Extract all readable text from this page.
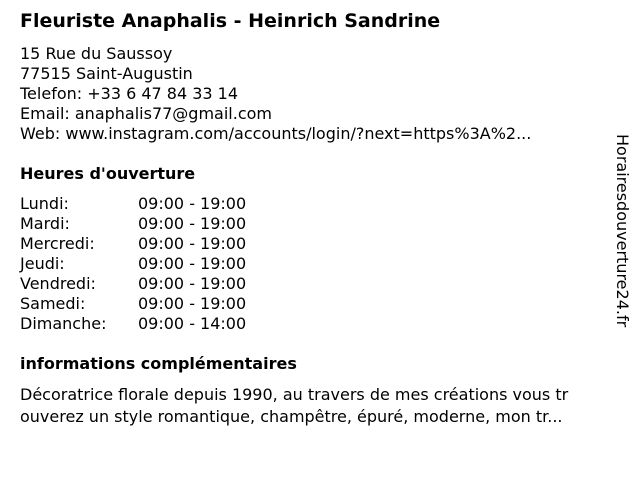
Fleuriste Anaphalis - Heinrich Sandrine
15 Rue du Saussoy
77515 Saint-Augustin
Telefon: +33 6 47 84 33 14
Email: anaphalis77@gmail.com
Web: www.instagram.com/accounts/login/?next=https%3A%2...
Heures d'ouverture
Lundi:	09:00 - 19:00
Mardi:	09:00 - 19:00
Mercredi:	09:00 - 19:00
Jeudi:	09:00 - 19:00
Vendredi:	09:00 - 19:00
Samedi:	09:00 - 19:00
Dimanche: 09:00 - 14:00
informations complémentaires
Décoratrice florale depuis 1990, au travers de mes créations vous tr
ouverez un style romantique, champêtre, épuré, moderne, mon tr...
Horairesdouverture24.fr
